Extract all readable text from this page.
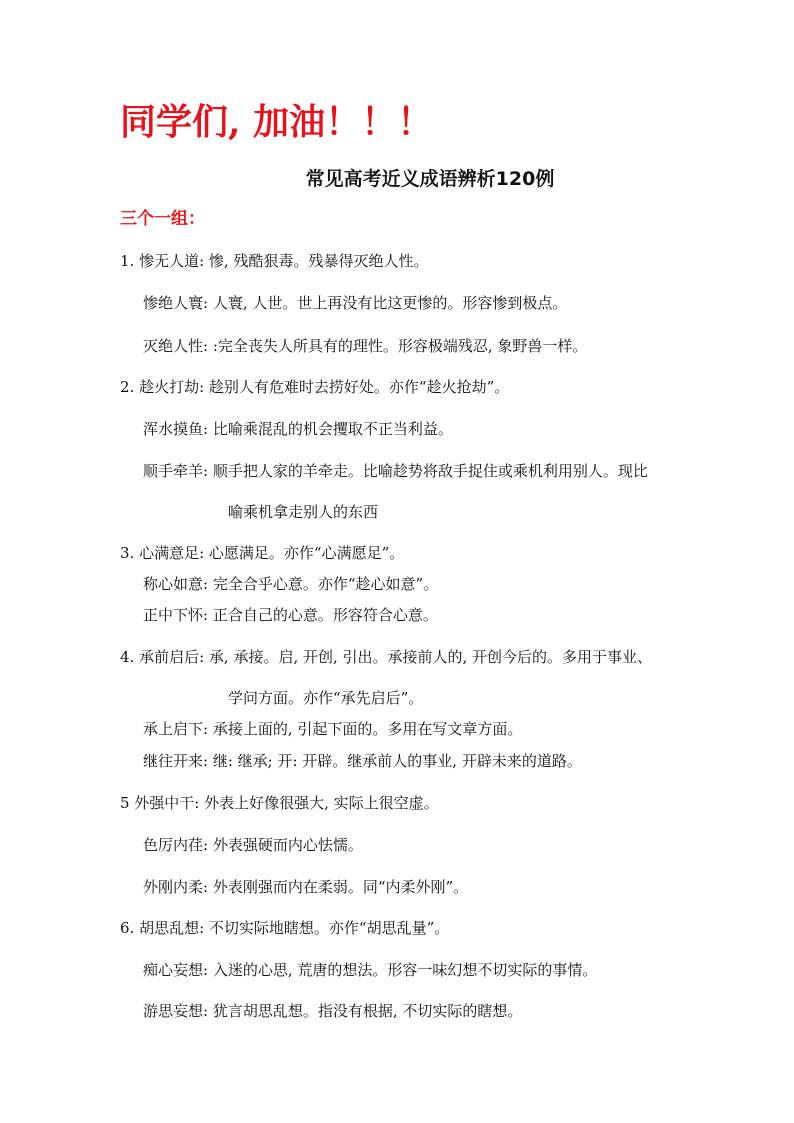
同学们, 加油！！！
常见高考近义成语辨析120例
三个一组：
1. 惨无人道: 惨, 残酷狠毒。残暴得灭绝人性。
惨绝人寰: 人寰, 人世。世上再没有比这更惨的。形容惨到极点。
灭绝人性: :完全丧失人所具有的理性。形容极端残忍, 象野兽一样。
2. 趁火打劫: 趁别人有危难时去捞好处。亦作“趁火抢劫”。
浑水摸鱼: 比喻乘混乱的机会攫取不正当利益。
顺手牵羊: 顺手把人家的羊牵走。比喻趁势将敌手捉住或乘机利用别人。现比
喻乘机拿走别人的东西
3. 心满意足: 心愿满足。亦作“心满愿足”。
称心如意: 完全合乎心意。亦作“趁心如意”。
正中下怀: 正合自己的心意。形容符合心意。
4. 承前启后: 承, 承接。启, 开创, 引出。承接前人的, 开创今后的。多用于事业、
学问方面。亦作“承先启后”。
承上启下: 承接上面的, 引起下面的。多用在写文章方面。
继往开来: 继: 继承; 开: 开辟。继承前人的事业, 开辟未来的道路。
5 外强中干: 外表上好像很强大, 实际上很空虚。
色厉内荏: 外表强硬而内心怯懦。
外刚内柔: 外表刚强而内在柔弱。同“内柔外刚”。
6. 胡思乱想: 不切实际地瞎想。亦作“胡思乱量”。
痴心妄想: 入迷的心思, 荒唐的想法。形容一味幻想不切实际的事情。
游思妄想: 犹言胡思乱想。指没有根据, 不切实际的瞎想。
